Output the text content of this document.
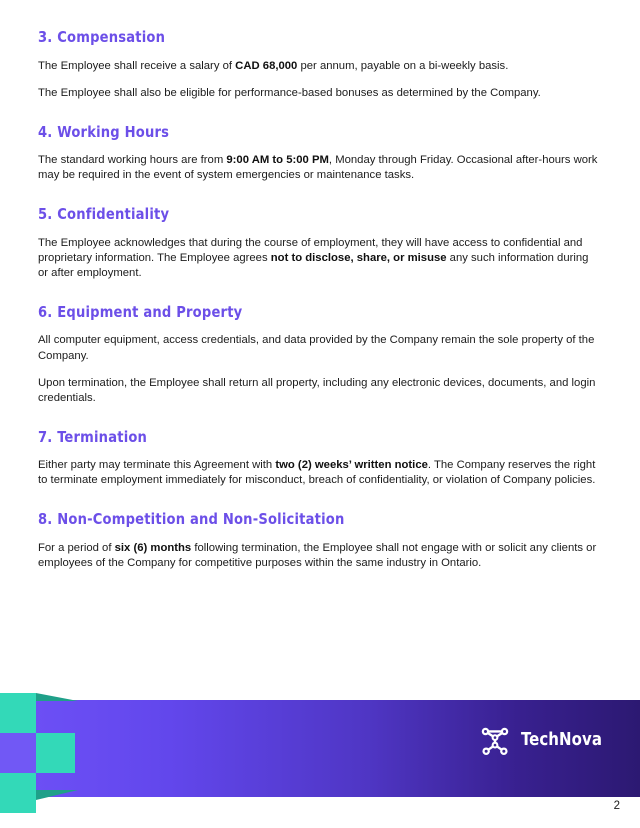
3. Compensation

The Employee shall receive a salary of CAD 68,000 per annum, payable on a bi-weekly basis.

The Employee shall also be eligible for performance-based bonuses as determined by the Company.

4. Working Hours

The standard working hours are from 9:00 AM to 5:00 PM, Monday through Friday. Occasional after-hours work may be required in the event of system emergencies or maintenance tasks.

5. Confidentiality

The Employee acknowledges that during the course of employment, they will have access to confidential and proprietary information. The Employee agrees not to disclose, share, or misuse any such information during or after employment.

6. Equipment and Property

All computer equipment, access credentials, and data provided by the Company remain the sole property of the Company.

Upon termination, the Employee shall return all property, including any electronic devices, documents, and login credentials.

7. Termination

Either party may terminate this Agreement with two (2) weeks’ written notice. The Company reserves the right to terminate employment immediately for misconduct, breach of confidentiality, or violation of Company policies.

8. Non-Competition and Non-Solicitation

For a period of six (6) months following termination, the Employee shall not engage with or solicit any clients or employees of the Company for competitive purposes within the same industry in Ontario.

TechNova
2
